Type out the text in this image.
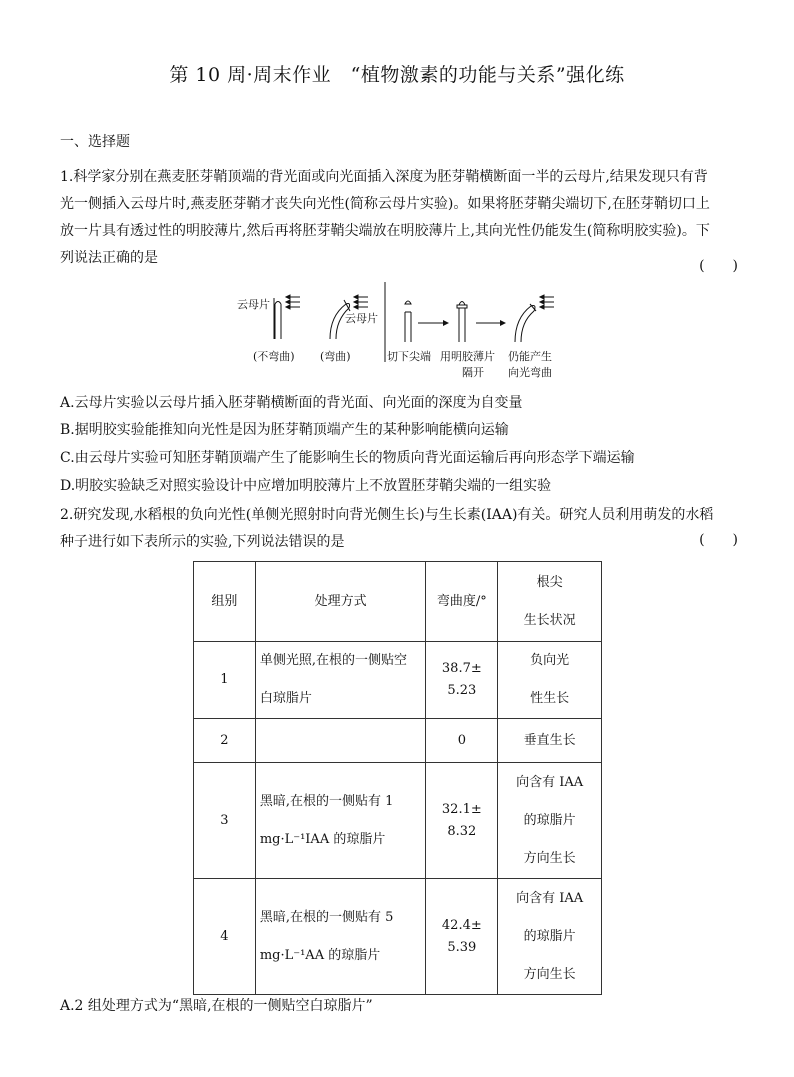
第 10 周·周末作业　“植物激素的功能与关系”强化练
一、选择题
1.科学家分别在燕麦胚芽鞘顶端的背光面或向光面插入深度为胚芽鞘横断面一半的云母片,结果发现只有背
光一侧插入云母片时,燕麦胚芽鞘才丧失向光性(简称云母片实验)。如果将胚芽鞘尖端切下,在胚芽鞘切口上
放一片具有透过性的明胶薄片,然后再将胚芽鞘尖端放在明胶薄片上,其向光性仍能发生(简称明胶实验)。下
列说法正确的是	(　　)
云母片
(不弯曲)
云母片
(弯曲)	切下尖端 用明胶薄片
隔开
仍能产生
向光弯曲
A.云母片实验以云母片插入胚芽鞘横断面的背光面、向光面的深度为自变量
B.据明胶实验能推知向光性是因为胚芽鞘顶端产生的某种影响能横向运输
C.由云母片实验可知胚芽鞘顶端产生了能影响生长的物质向背光面运输后再向形态学下端运输
D.明胶实验缺乏对照实验设计中应增加明胶薄片上不放置胚芽鞘尖端的一组实验
2.研究发现,水稻根的负向光性(单侧光照射时向背光侧生长)与生长素(IAA)有关。研究人员利用萌发的水稻
种子进行如下表所示的实验,下列说法错误的是	(　　)
组别	处理方式	弯曲度/°	根尖
生长状况

1	单侧光照,在根的一侧贴空
白琼脂片	38.7±
5.23	负向光
性生长

2		0	垂直生长
3	黑暗,在根的一侧贴有 1
mg·L⁻¹IAA 的琼脂片	32.1±
8.32	向含有 IAA
的琼脂片
方向生长

4	黑暗,在根的一侧贴有 5
mg·L⁻¹AA 的琼脂片	42.4±
5.39	向含有 IAA
的琼脂片
方向生长
A.2 组处理方式为“黑暗,在根的一侧贴空白琼脂片”
